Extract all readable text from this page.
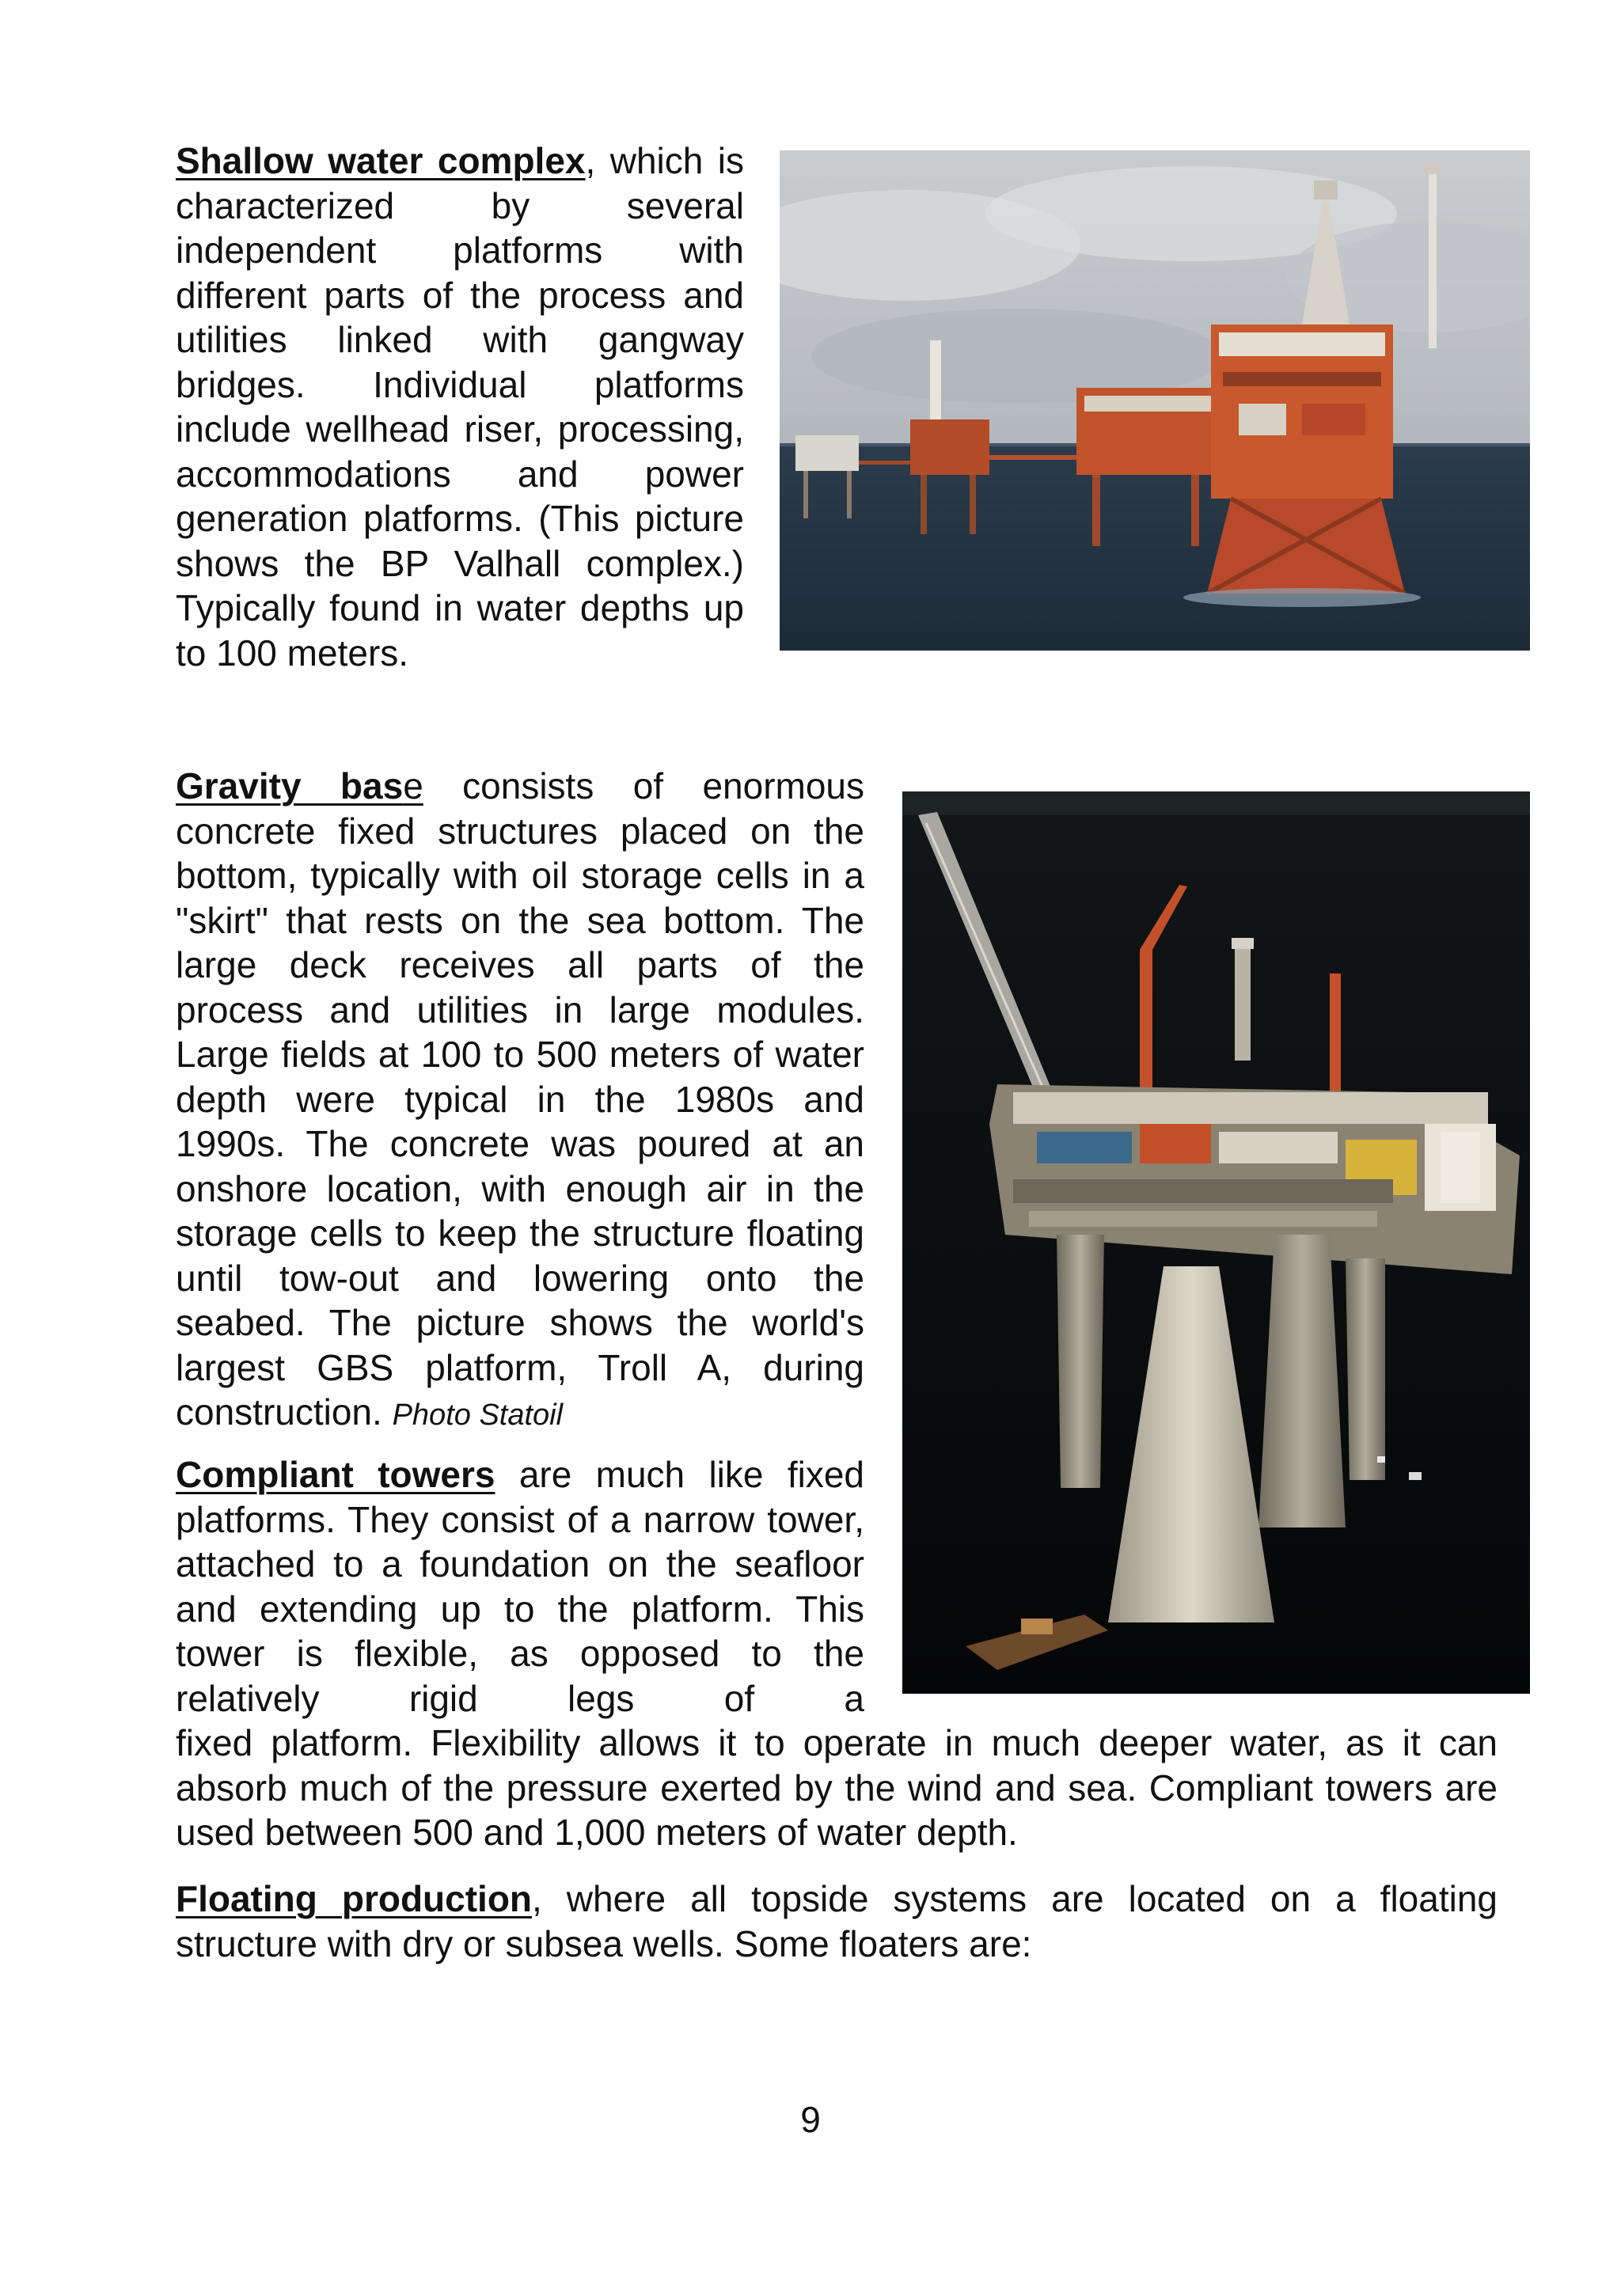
Shallow water complex, which is characterized by several independent platforms with different parts of the process and utilities linked with gangway bridges. Individual platforms include wellhead riser, processing, accommodations and power generation platforms. (This picture shows the BP Valhall complex.) Typically found in water depths up to 100 meters.

Gravity base consists of enormous concrete fixed structures placed on the bottom, typically with oil storage cells in a "skirt" that rests on the sea bottom. The large deck receives all parts of the process and utilities in large modules. Large fields at 100 to 500 meters of water depth were typical in the 1980s and 1990s. The concrete was poured at an onshore location, with enough air in the storage cells to keep the structure floating until tow-out and lowering onto the seabed. The picture shows the world's largest GBS platform, Troll A, during construction. Photo Statoil

Compliant towers are much like fixed platforms. They consist of a narrow tower, attached to a foundation on the seafloor and extending up to the platform. This tower is flexible, as opposed to the relatively rigid legs of a

fixed platform. Flexibility allows it to operate in much deeper water, as it can absorb much of the pressure exerted by the wind and sea. Compliant towers are used between 500 and 1,000 meters of water depth.

Floating production, where all topside systems are located on a floating structure with dry or subsea wells. Some floaters are:

9
